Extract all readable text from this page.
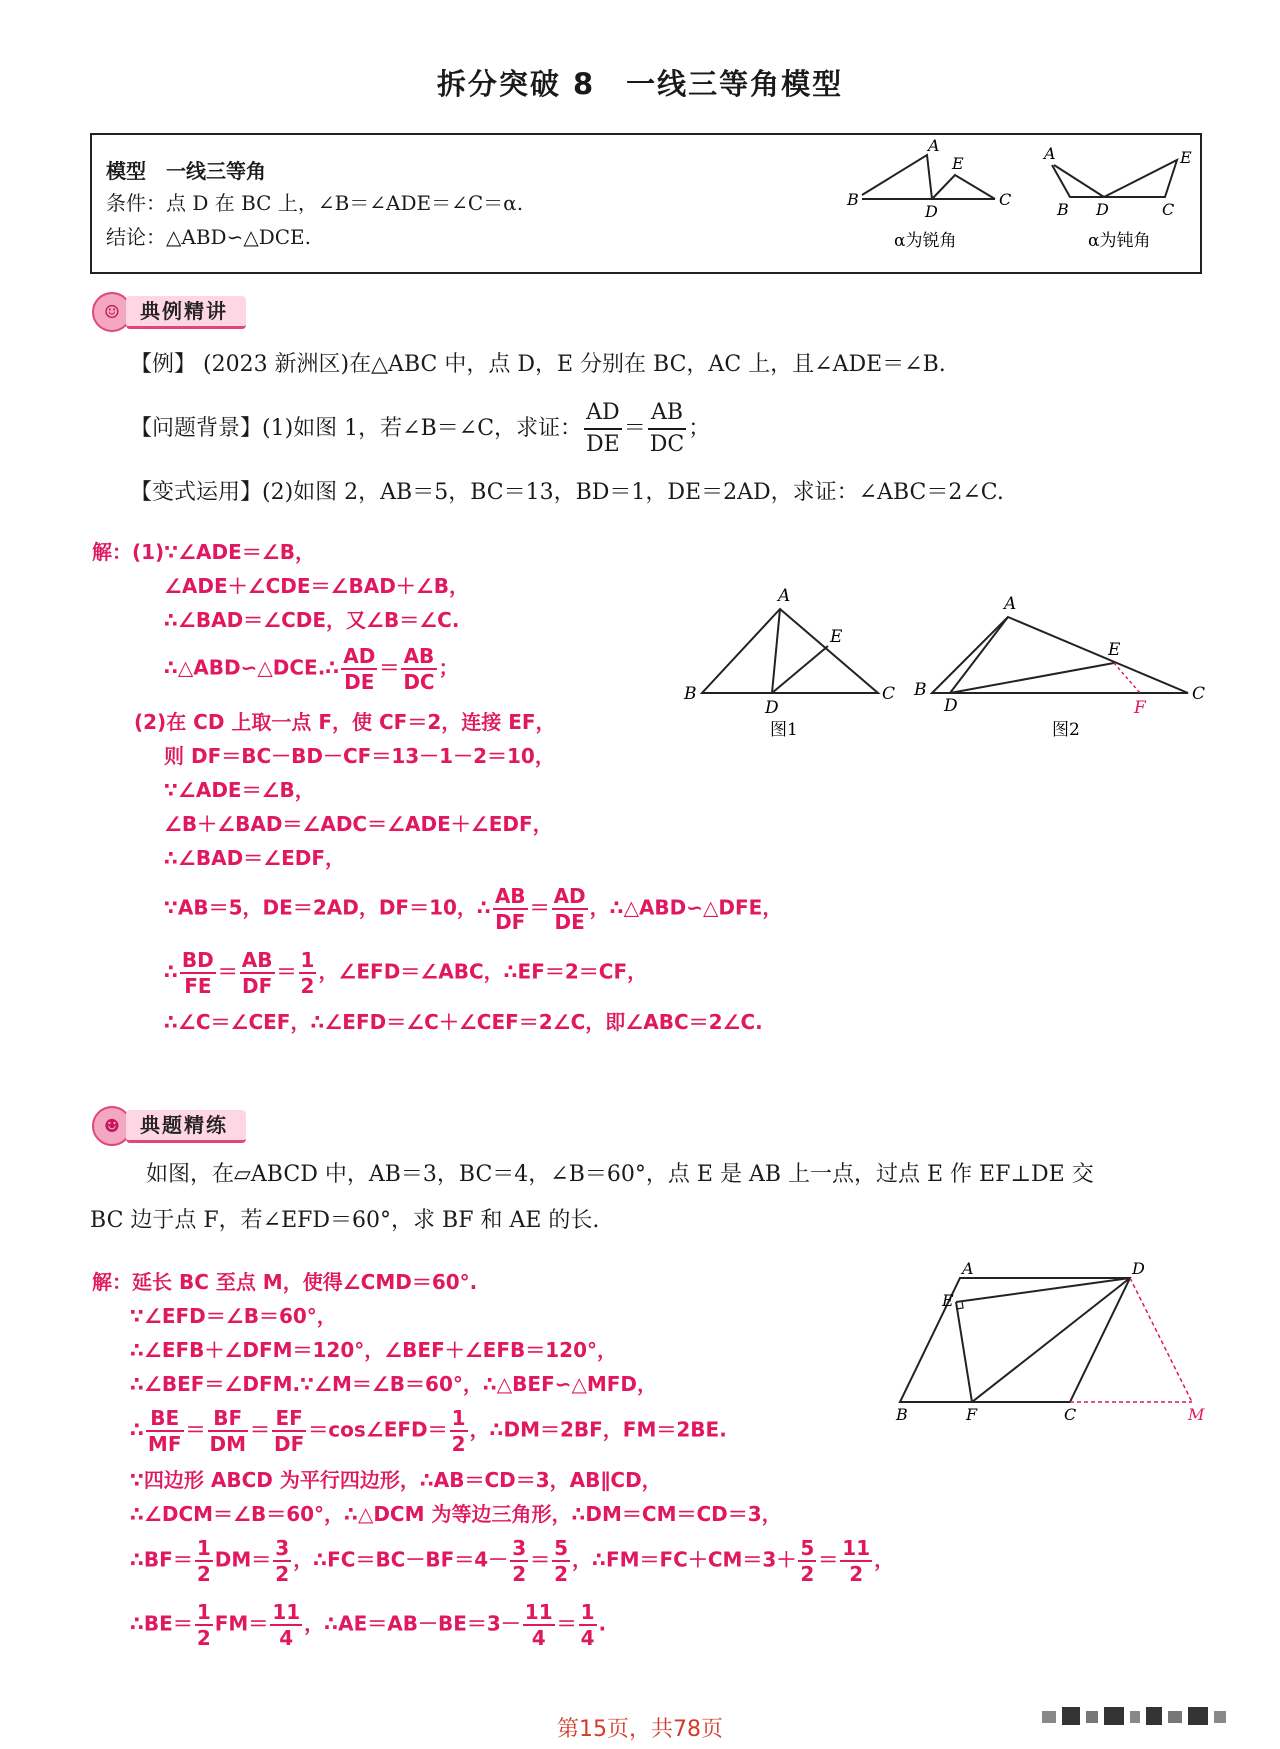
拆分突破 8　一线三等角模型
模型　一线三等角
条件：点 D 在 BC 上，∠B＝∠ADE＝∠C＝α.
结论：△ABD∽△DCE.
A
E
B
D
C
α为锐角
A	E
B D	C
α为钝角
☺ 典例精讲
【例】 (2023 新洲区)在△ABC 中，点 D，E 分别在 BC，AC 上，且∠ADE＝∠B.
【问题背景】(1)如图 1，若∠B＝∠C，求证： $\frac{AD}{DE} = \frac{AB}{DC}$ ；
【变式运用】(2)如图 2，AB＝5，BC＝13，BD＝1，DE＝2AD，求证：∠ABC＝2∠C.
解：(1)∵∠ADE＝∠B，
∠ADE＋∠CDE＝∠BAD＋∠B，
∴∠BAD＝∠CDE，又∠B＝∠C.
∴△ABD∽△DCE.∴ $\frac{AD}{DE} = \frac{AB}{DC}$ ；
(2)在 CD 上取一点 F，使 CF＝2，连接 EF，
则 DF＝BC－BD－CF＝13－1－2＝10，
∵∠ADE＝∠B，
∠B＋∠BAD＝∠ADC＝∠ADE＋∠EDF，
∴∠BAD＝∠EDF，
∵AB＝5，DE＝2AD，DF＝10，∴ $\frac{AB}{DF} = \frac{AD}{DE}$ ，∴△ABD∽△DFE，
∴ $\frac{BD}{FE} = \frac{AB}{DF} = \frac{1}{2}$ ，∠EFD＝∠ABC，∴EF＝2＝CF，
∴∠C＝∠CEF，∴∠EFD＝∠C＋∠CEF＝2∠C，即∠ABC＝2∠C.
A
E
B
D
C
图1
A
E
B
D	F
C
图2
☻ 典题精练
如图，在▱ABCD 中，AB＝3，BC＝4，∠B＝60°，点 E 是 AB 上一点，过点 E 作 EF⊥DE 交
BC 边于点 F，若∠EFD＝60°，求 BF 和 AE 的长.
解：延长 BC 至点 M，使得∠CMD＝60°.
∵∠EFD＝∠B＝60°，
∴∠EFB＋∠DFM＝120°，∠BEF＋∠EFB＝120°，
∴∠BEF＝∠DFM.∵∠M＝∠B＝60°，∴△BEF∽△MFD，
∴ $\frac{BE}{MF} = \frac{BF}{DM} = \frac{EF}{DF}$ ＝cos∠EFD＝ $\frac{1}{2}$ ，∴DM＝2BF，FM＝2BE.
∵四边形 ABCD 为平行四边形，∴AB＝CD＝3，AB∥CD，
∴∠DCM＝∠B＝60°，∴△DCM 为等边三角形，∴DM＝CM＝CD＝3，
∴BF＝ $\frac{1}{2} DM= \frac{3}{2}$ ，∴FC＝BC－BF＝4－ $\frac{3}{2} = \frac{5}{2}$ ，∴FM＝FC＋CM＝3＋ $\frac{5}{2} = \frac{11}{2}$ ，
∴BE＝ $\frac{1}{2} FM= \frac{11}{4}$ ，∴AE＝AB－BE＝3－ $\frac{11}{4} = \frac{1}{4}$ .
A	D
E
B	F	C	M
第15页，共78页
